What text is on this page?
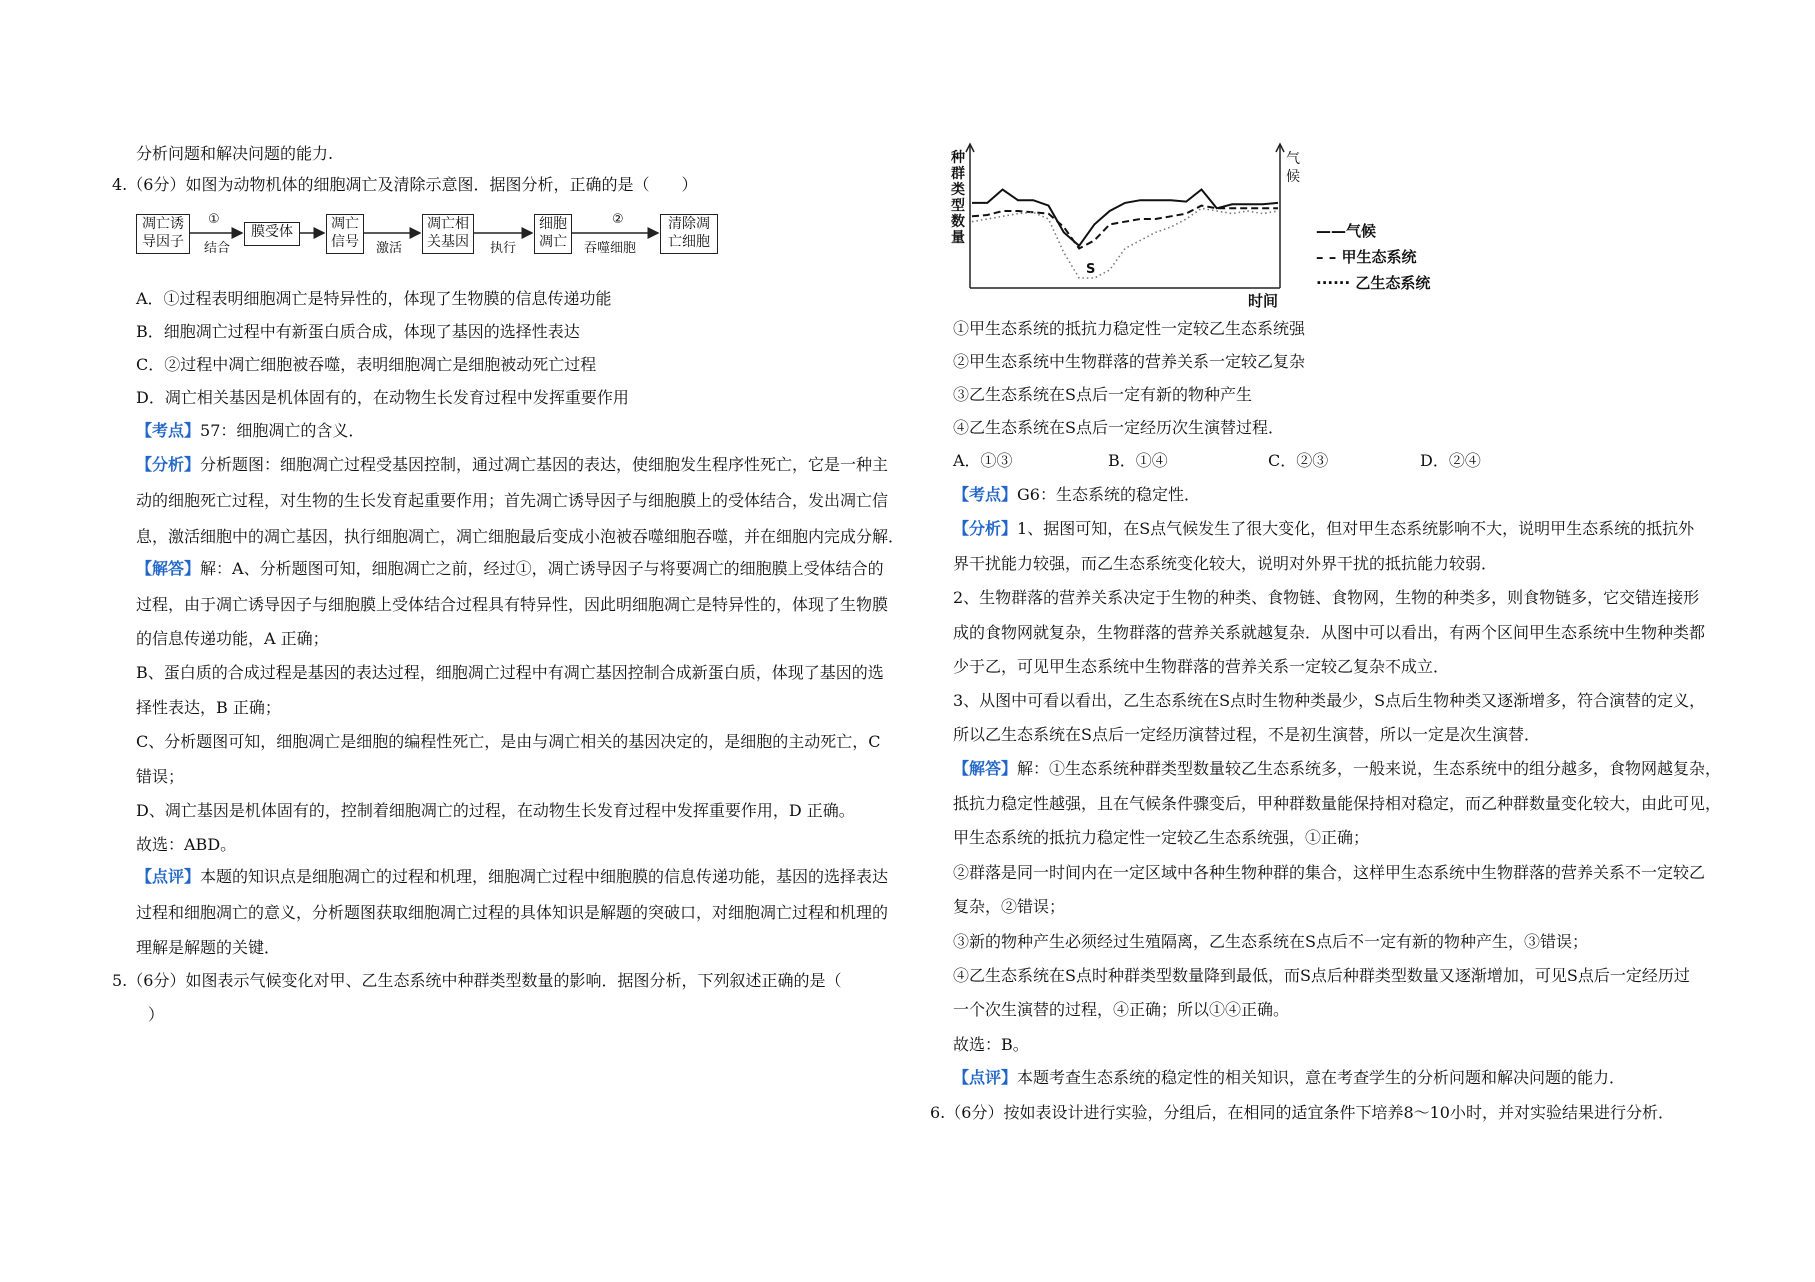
分析问题和解决问题的能力.
4.（6分）如图为动物机体的细胞凋亡及清除示意图．据图分析，正确的是（　　）
凋亡诱
导因子
①
结合
膜受体	凋亡
信号	激活
凋亡相
关基因	执行
细胞
凋亡
②
吞噬细胞
清除凋
亡细胞
A．①过程表明细胞凋亡是特异性的，体现了生物膜的信息传递功能
B．细胞凋亡过程中有新蛋白质合成，体现了基因的选择性表达
C．②过程中凋亡细胞被吞噬，表明细胞凋亡是细胞被动死亡过程
D．凋亡相关基因是机体固有的，在动物生长发育过程中发挥重要作用
【考点】57：细胞凋亡的含义．
【分析】分析题图：细胞凋亡过程受基因控制，通过凋亡基因的表达，使细胞发生程序性死亡，它是一种主
动的细胞死亡过程，对生物的生长发育起重要作用；首先凋亡诱导因子与细胞膜上的受体结合，发出凋亡信
息，激活细胞中的凋亡基因，执行细胞凋亡，凋亡细胞最后变成小泡被吞噬细胞吞噬，并在细胞内完成分解．
【解答】解：A、分析题图可知，细胞凋亡之前，经过①，凋亡诱导因子与将要凋亡的细胞膜上受体结合的
过程，由于凋亡诱导因子与细胞膜上受体结合过程具有特异性，因此明细胞凋亡是特异性的，体现了生物膜
的信息传递功能，A 正确；
B、蛋白质的合成过程是基因的表达过程，细胞凋亡过程中有凋亡基因控制合成新蛋白质，体现了基因的选
择性表达，B 正确；
C、分析题图可知，细胞凋亡是细胞的编程性死亡，是由与凋亡相关的基因决定的，是细胞的主动死亡，C
错误；
D、凋亡基因是机体固有的，控制着细胞凋亡的过程，在动物生长发育过程中发挥重要作用，D 正确。
故选：ABD。
【点评】本题的知识点是细胞凋亡的过程和机理，细胞凋亡过程中细胞膜的信息传递功能，基因的选择表达
过程和细胞凋亡的意义，分析题图获取细胞凋亡过程的具体知识是解题的突破口，对细胞凋亡过程和机理的
理解是解题的关键．
5.（6分）如图表示气候变化对甲、乙生态系统中种群类型数量的影响．据图分析，下列叙述正确的是（
）
种群类型数量
气候
时间
S
——气候
– – 甲生态系统
······ 乙生态系统
①甲生态系统的抵抗力稳定性一定较乙生态系统强
②甲生态系统中生物群落的营养关系一定较乙复杂
③乙生态系统在S点后一定有新的物种产生
④乙生态系统在S点后一定经历次生演替过程．
A．①③	B．①④	C．②③	D．②④
【考点】G6：生态系统的稳定性．
【分析】1、据图可知，在S点气候发生了很大变化，但对甲生态系统影响不大，说明甲生态系统的抵抗外
界干扰能力较强，而乙生态系统变化较大，说明对外界干扰的抵抗能力较弱．
2、生物群落的营养关系决定于生物的种类、食物链、食物网，生物的种类多，则食物链多，它交错连接形
成的食物网就复杂，生物群落的营养关系就越复杂．从图中可以看出，有两个区间甲生态系统中生物种类都
少于乙，可见甲生态系统中生物群落的营养关系一定较乙复杂不成立．
3、从图中可看以看出，乙生态系统在S点时生物种类最少，S点后生物种类又逐渐增多，符合演替的定义，
所以乙生态系统在S点后一定经历演替过程，不是初生演替，所以一定是次生演替．
【解答】解：①生态系统种群类型数量较乙生态系统多，一般来说，生态系统中的组分越多，食物网越复杂，
抵抗力稳定性越强，且在气候条件骤变后，甲种群数量能保持相对稳定，而乙种群数量变化较大，由此可见，
甲生态系统的抵抗力稳定性一定较乙生态系统强，①正确；
②群落是同一时间内在一定区域中各种生物种群的集合，这样甲生态系统中生物群落的营养关系不一定较乙
复杂，②错误；
③新的物种产生必须经过生殖隔离，乙生态系统在S点后不一定有新的物种产生，③错误；
④乙生态系统在S点时种群类型数量降到最低，而S点后种群类型数量又逐渐增加，可见S点后一定经历过
一个次生演替的过程，④正确；所以①④正确。
故选：B。
【点评】本题考查生态系统的稳定性的相关知识，意在考查学生的分析问题和解决问题的能力．
6.（6分）按如表设计进行实验，分组后，在相同的适宜条件下培养8～10小时，并对实验结果进行分析．
